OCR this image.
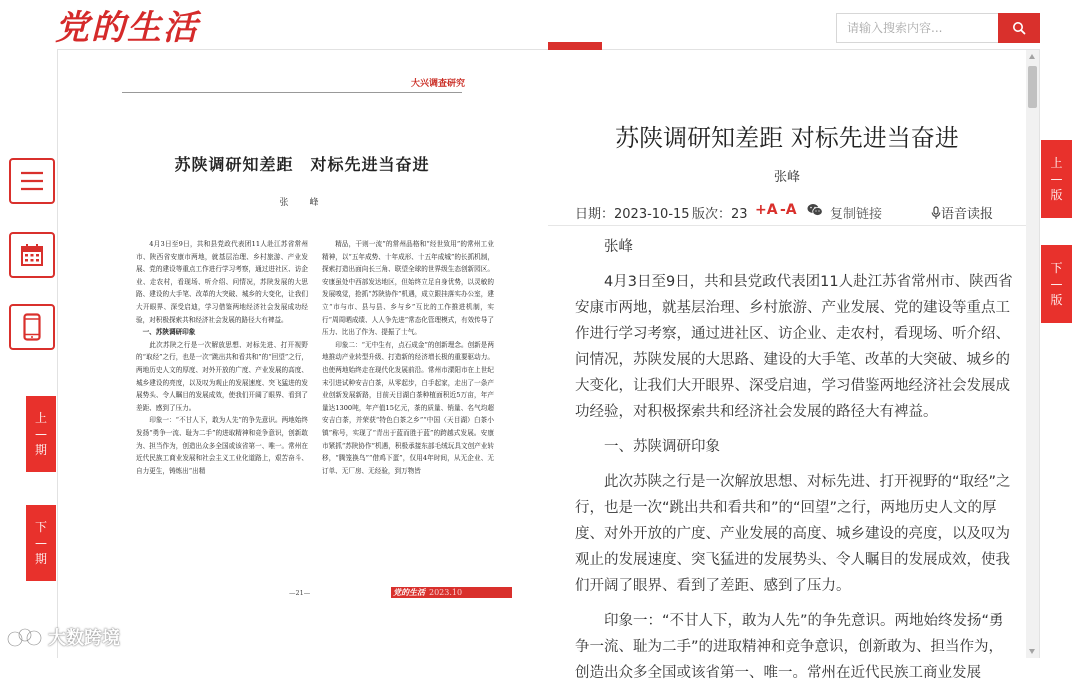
党的生活
请输入搜索内容...
大兴调查研究
苏陕调研知差距　对标先进当奋进
张　峰

4月3日至9日，共和县党政代表团11人赴江苏省常州市、陕西省安康市两地，就基层治理、乡村旅游、产业发展、党的建设等重点工作进行学习考察，通过进社区、访企业、走农村，看现场、听介绍、问情况，苏陕发展的大思路、建设的大手笔、改革的大突破、城乡的大变化，让我们大开眼界、深受启迪，学习借鉴两地经济社会发展成功经验，对积极探索共和经济社会发展的路径大有裨益。

一、苏陕调研印象

此次苏陕之行是一次解放思想、对标先进、打开视野的“取经”之行，也是一次“跳出共和看共和”的“回望”之行，两地历史人文的厚度、对外开放的广度、产业发展的高度、城乡建设的亮度，以及叹为观止的发展速度、突飞猛进的发展势头、令人瞩目的发展成效，使我们开阔了眼界、看到了差距、感到了压力。

印象一：“不甘人下，敢为人先”的争先意识。两地始终发扬“勇争一流、耻为二手”的进取精神和竞争意识，创新敢为、担当作为，创造出众多全国或该省第一、唯一。常州在近代民族工商业发展和社会主义工业化道路上，艰苦奋斗、自力更生，铸炼出“出精

精品，干则一流”的常州品格和“经世致用”的常州工业精神，以“五年成势、十年成形、十五年成城”的长抓机制，探索打造出面向长三角、联望全球的世界级生态创新园区。安康虽处中西部发达地区，但始终立足自身优势，以灵敏的发展嗅觉，抢抓“苏陕协作”机遇，成立跟挂落实办公室，建立“市与市、县与县、乡与乡”互比的工作推进机制，实行“周周晒成绩、人人争先进”常态化管理模式，有效传导了压力、比出了作为、提振了士气。

印象二：“无中生有，点石成金”的创新理念。创新是两地推动产业转型升级、打造新的经济增长极的重要驱动力。也使两地始终走在现代化发展前沿。常州市溧阳市在上世纪末引进试种安吉白茶，从零起步，白手起家，走出了一条产业创新发展新路，目前天目湖白茶种植面积近5万亩，年产量达1300吨，年产值15亿元，茶的质量、销量、名气均超安吉白茶，并荣获“特色白茶之乡”“中国（天目湖）白茶小镇”称号，实现了“青出于蓝而胜于蓝”的跨越式发展。安康市紧抓“苏陕协作”机遇，积极承接东部毛绒玩具文创产业转移，“腾笼换鸟”“借鸡下蛋”，仅用4年时间，从无企业、无订单、无厂房、无经验，到万物皆

—21—	党的生活 2023.10
苏陕调研知差距 对标先进当奋进
张峰
日期：2023-10-15 版次：23 +A -A	复制链接	语音读报

张峰

4月3日至9日，共和县党政代表团11人赴江苏省常州市、陕西省安康市两地，就基层治理、乡村旅游、产业发展、党的建设等重点工作进行学习考察，通过进社区、访企业、走农村，看现场、听介绍、问情况，苏陕发展的大思路、建设的大手笔、改革的大突破、城乡的大变化，让我们大开眼界、深受启迪，学习借鉴两地经济社会发展成功经验，对积极探索共和经济社会发展的路径大有裨益。

一、苏陕调研印象

此次苏陕之行是一次解放思想、对标先进、打开视野的“取经”之行，也是一次“跳出共和看共和”的“回望”之行，两地历史人文的厚度、对外开放的广度、产业发展的高度、城乡建设的亮度，以及叹为观止的发展速度、突飞猛进的发展势头、令人瞩目的发展成效，使我们开阔了眼界、看到了差距、感到了压力。

印象一：“不甘人下，敢为人先”的争先意识。两地始终发扬“勇争一流、耻为二手”的进取精神和竞争意识，创新敢为、担当作为，创造出众多全国或该省第一、唯一。常州在近代民族工商业发展

上
—
期
下
—
期
上
—
版
下
—
版
大数跨境
